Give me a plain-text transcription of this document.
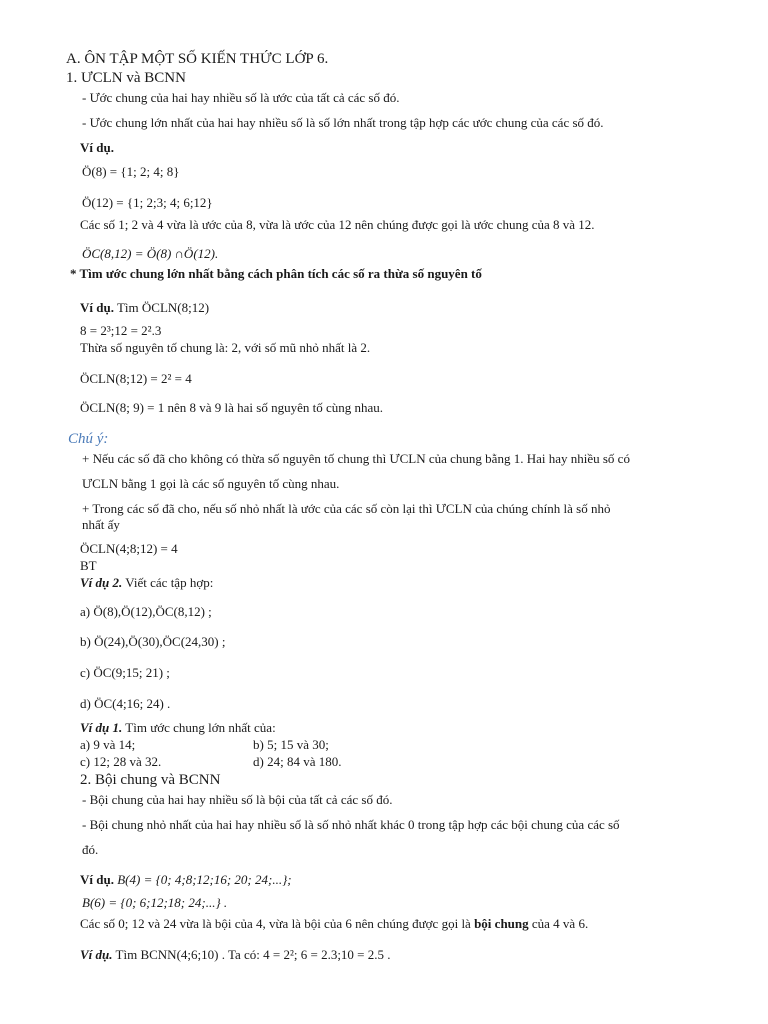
A. ÔN TẬP MỘT SỐ KIẾN THỨC LỚP 6.
1. ƯCLN và BCNN
- Ước chung của hai hay nhiều số là ước của tất cả các số đó.
- Ước chung lớn nhất của hai hay nhiều số là số lớn nhất trong tập hợp các ước chung của các số đó.
Ví dụ.
Ö(8) = {1; 2; 4; 8}
Ö(12) = {1; 2;3; 4; 6;12}
Các số 1; 2 và 4 vừa là ước của 8, vừa là ước của 12 nên chúng được gọi là ước chung của 8 và 12.
ÖC(8,12) = Ö(8) ∩Ö(12).
* Tìm ước chung lớn nhất bằng cách phân tích các số ra thừa số nguyên tố
Ví dụ. Tìm ÖCLN(8;12)
8 = 2³;12 = 2².3
Thừa số nguyên tố chung là: 2, với số mũ nhỏ nhất là 2.
ÖCLN(8;12) = 2² = 4
ÖCLN(8; 9) = 1 nên 8 và 9 là hai số nguyên tố cùng nhau.
Chú ý:
+ Nếu các số đã cho không có thừa số nguyên tố chung thì ƯCLN của chung bằng 1. Hai hay nhiều số có
ƯCLN bằng 1 gọi là các số nguyên tố cùng nhau.
+ Trong các số đã cho, nếu số nhỏ nhất là ước của các số còn lại thì ƯCLN của chúng chính là số nhỏ
nhất ấy
ÖCLN(4;8;12) = 4
BT
Ví dụ 2. Viết các tập hợp:
a) Ö(8),Ö(12),ÖC(8,12) ;
b) Ö(24),Ö(30),ÖC(24,30) ;
c) ÖC(9;15; 21) ;
d) ÖC(4;16; 24) .
Ví dụ 1. Tìm ước chung lớn nhất của:
a) 9 và 14;	b) 5; 15 và 30;
c) 12; 28 và 32.	d) 24; 84 và 180.
2. Bội chung và BCNN
- Bội chung của hai hay nhiều số là bội của tất cả các số đó.
- Bội chung nhỏ nhất của hai hay nhiều số là số nhỏ nhất khác 0 trong tập hợp các bội chung của các số
đó.
Ví dụ. B(4) = {0; 4;8;12;16; 20; 24;...};
B(6) = {0; 6;12;18; 24;...} .
Các số 0; 12 và 24 vừa là bội của 4, vừa là bội của 6 nên chúng được gọi là bội chung của 4 và 6.
Ví dụ. Tìm BCNN(4;6;10) . Ta có: 4 = 2²; 6 = 2.3;10 = 2.5 .
